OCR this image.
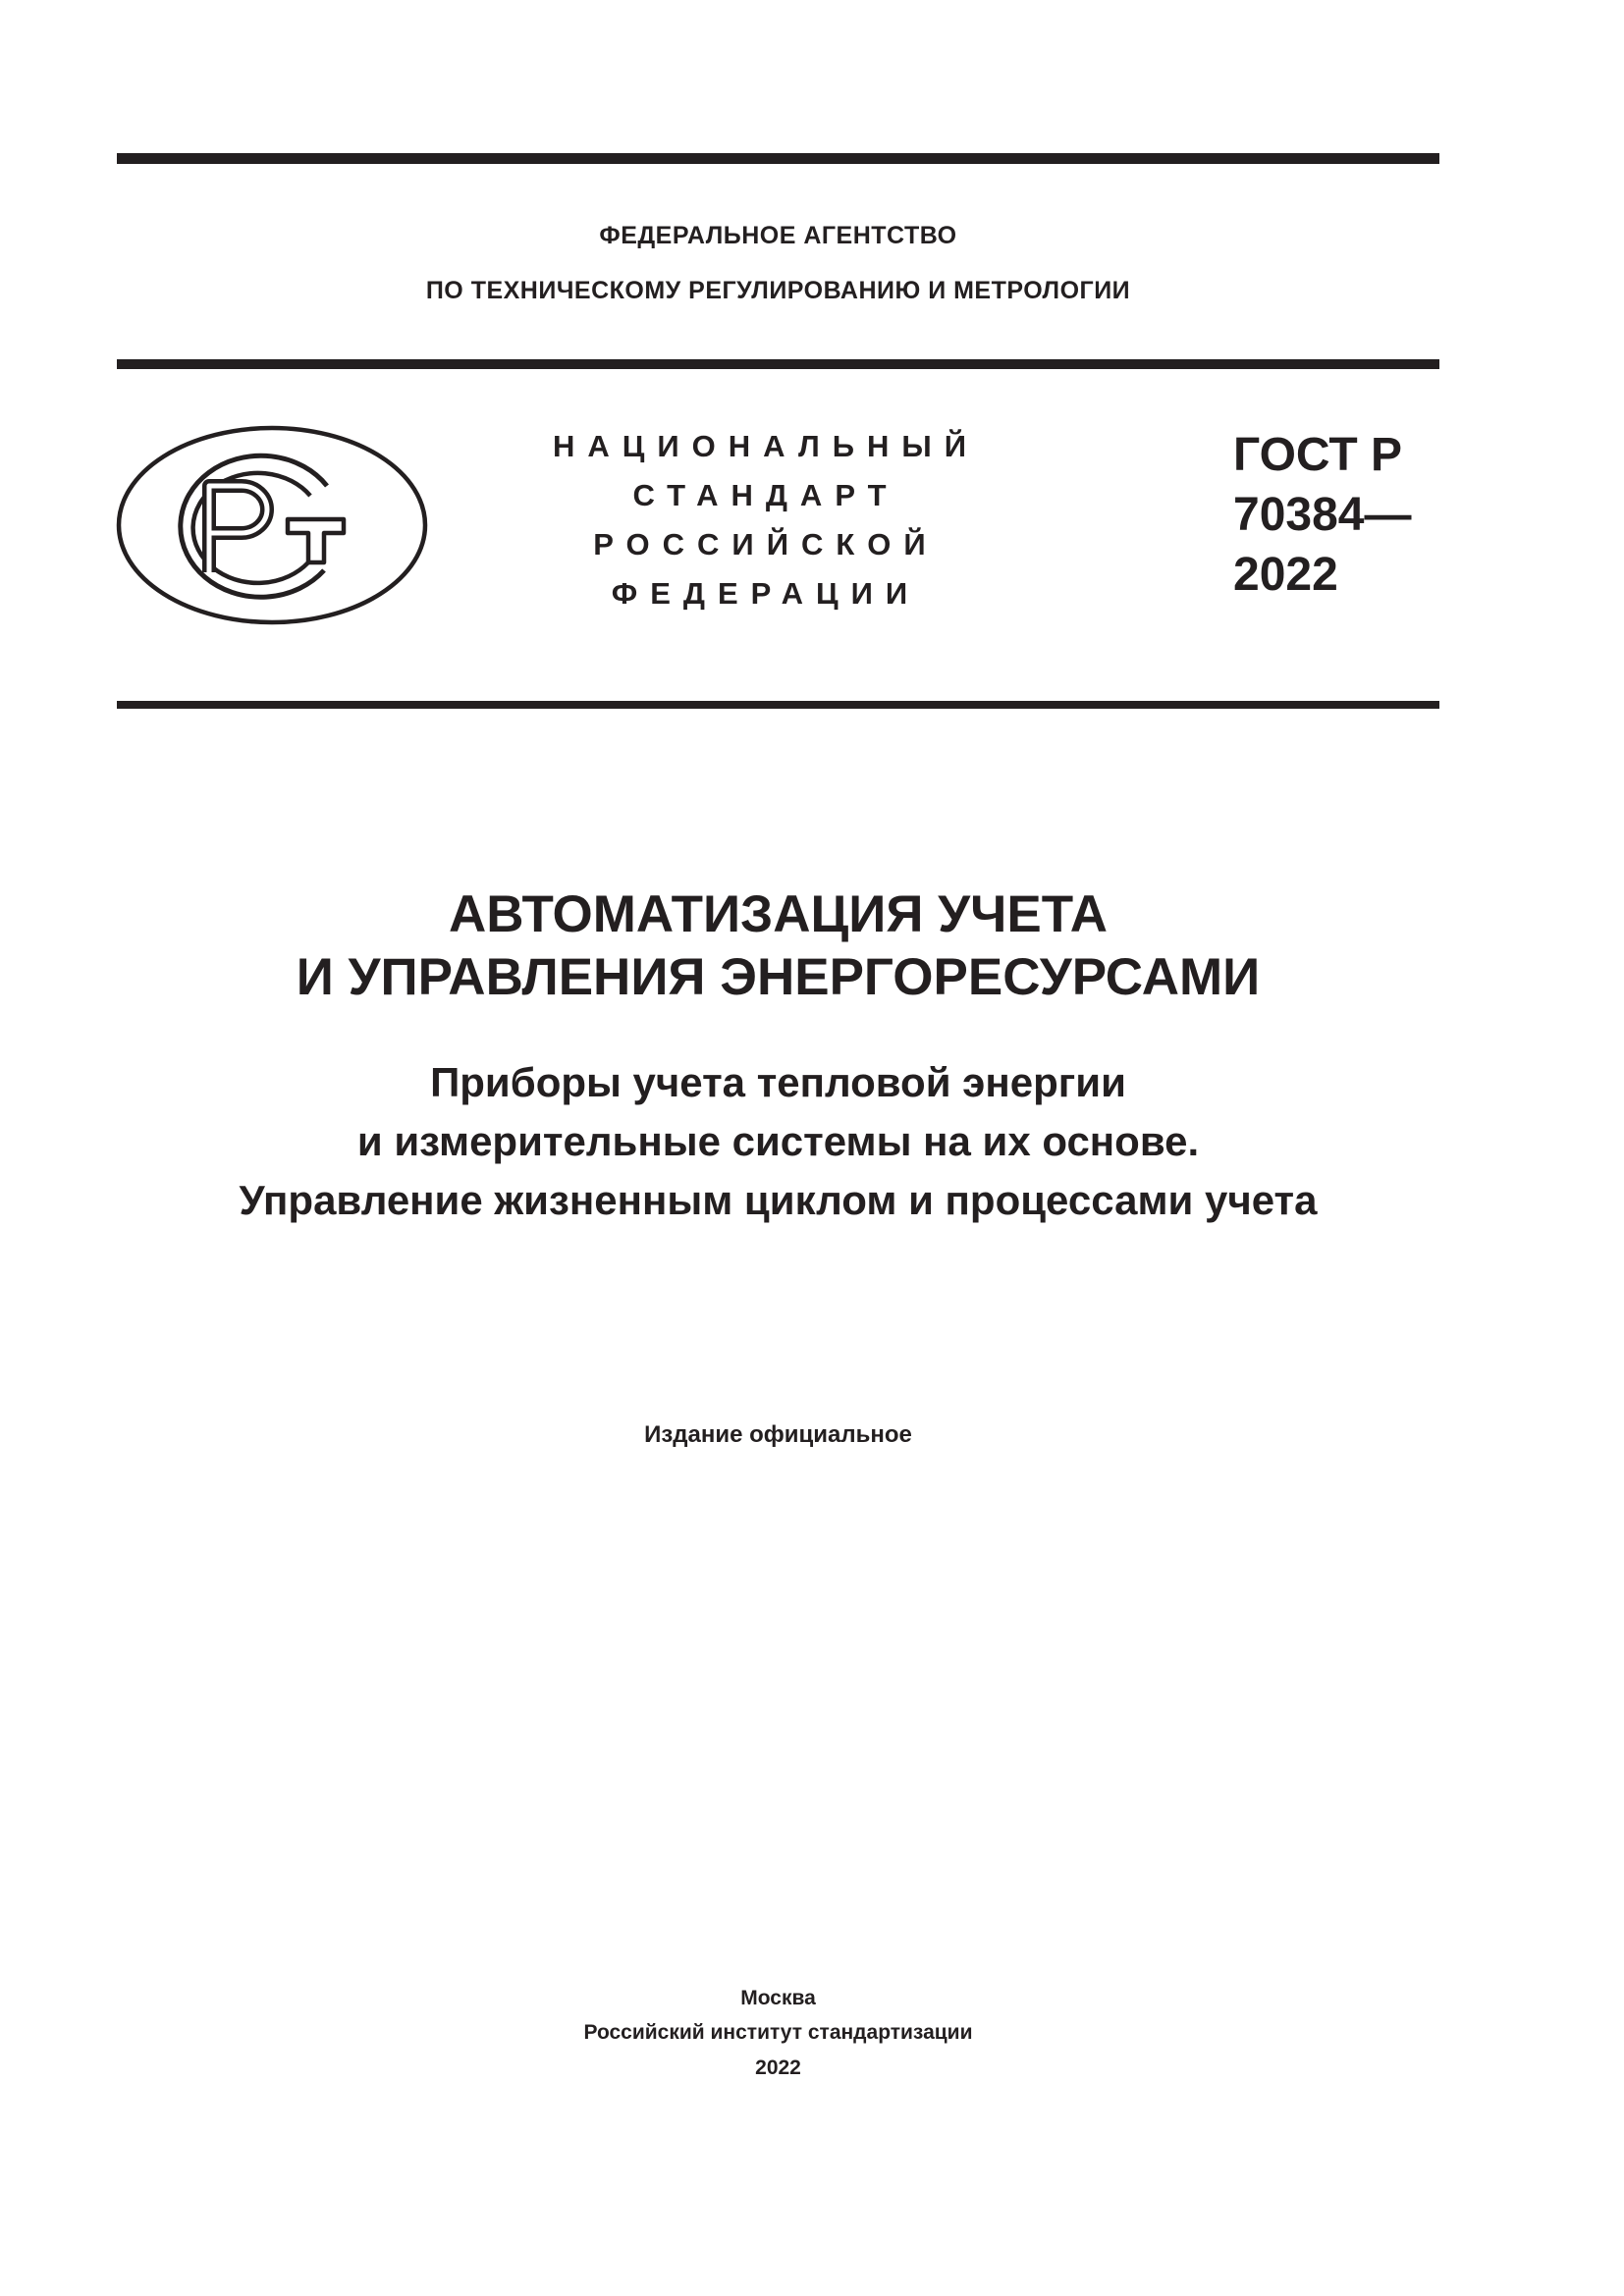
ФЕДЕРАЛЬНОЕ АГЕНТСТВО
ПО ТЕХНИЧЕСКОМУ РЕГУЛИРОВАНИЮ И МЕТРОЛОГИИ
НАЦИОНАЛЬНЫЙ
СТАНДАРТ
РОССИЙСКОЙ
ФЕДЕРАЦИИ
ГОСТ Р
70384—
2022
АВТОМАТИЗАЦИЯ УЧЕТА
И УПРАВЛЕНИЯ ЭНЕРГОРЕСУРСАМИ
Приборы учета тепловой энергии
и измерительные системы на их основе.
Управление жизненным циклом и процессами учета
Издание официальное
Москва
Российский институт стандартизации
2022
